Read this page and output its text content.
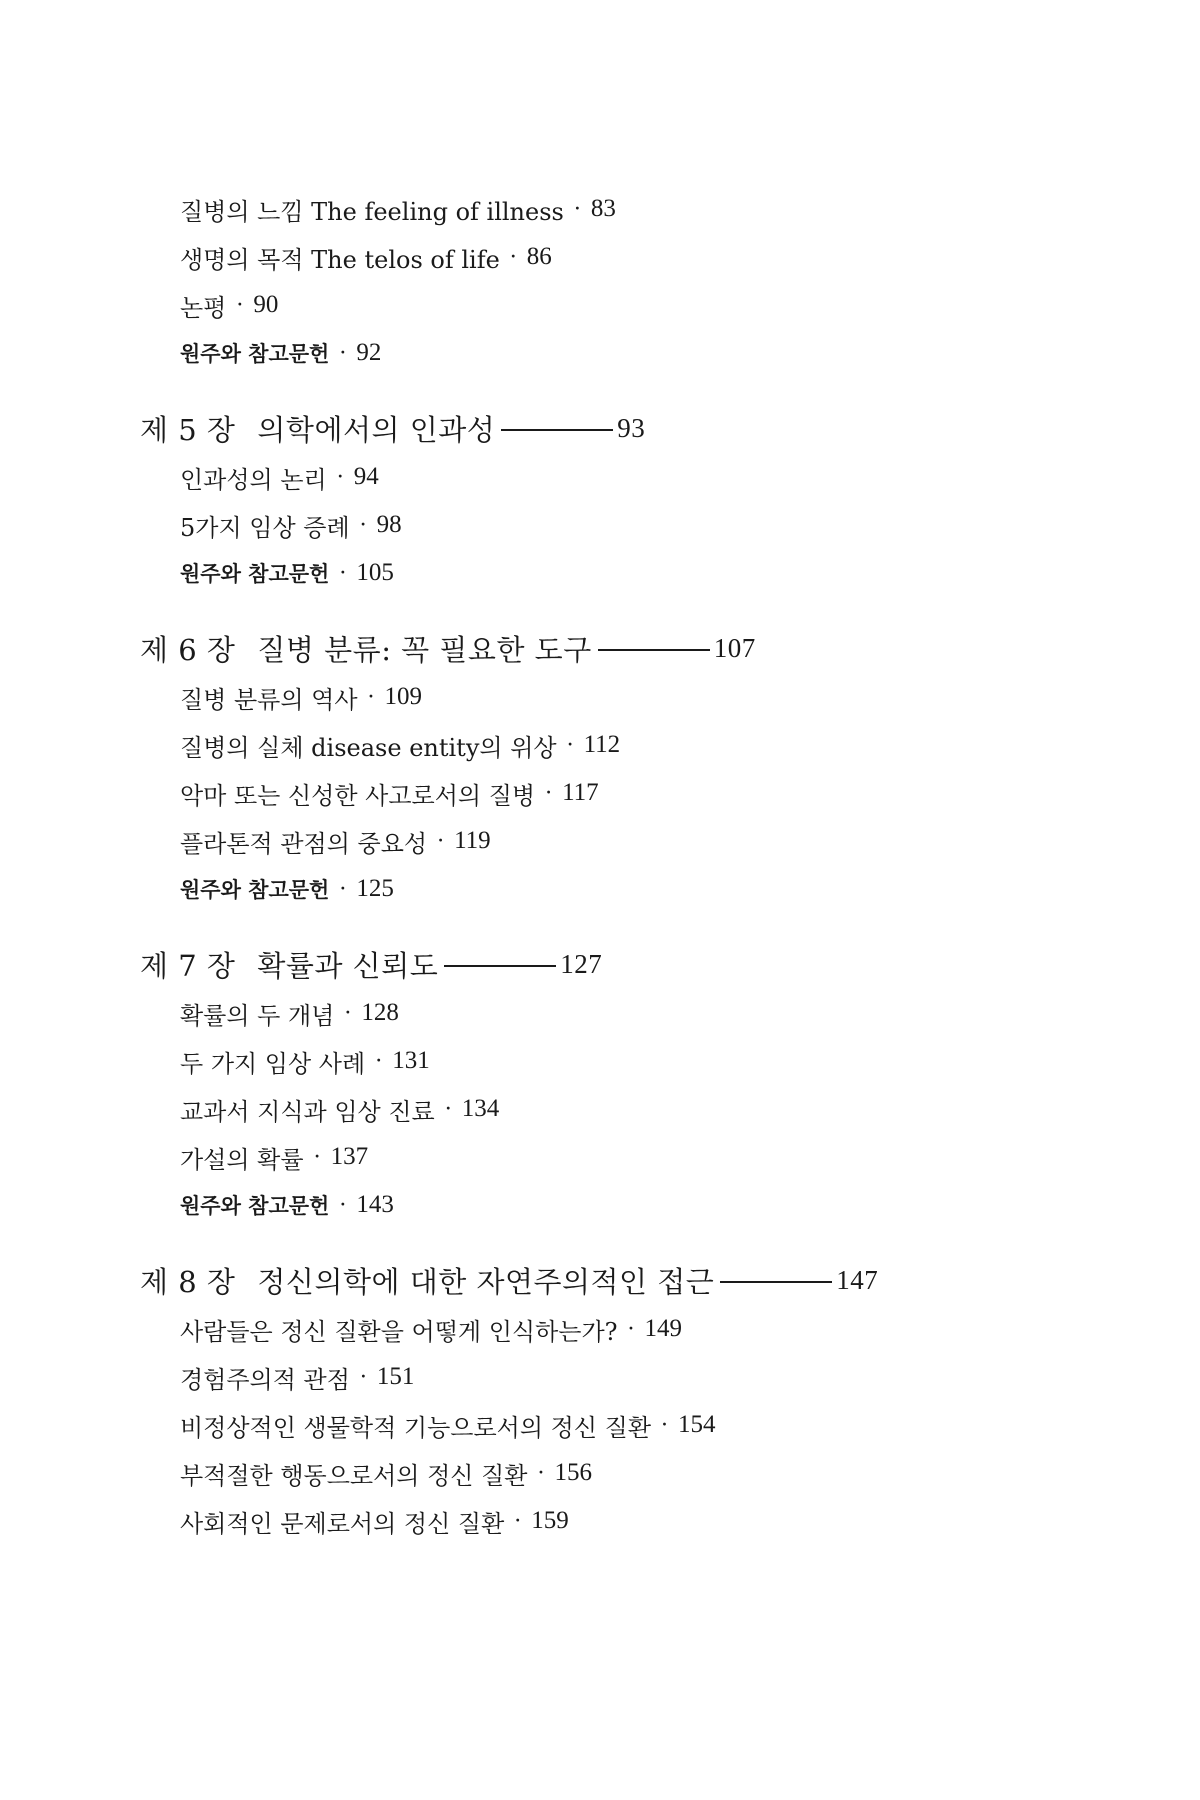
질병의 느낌 The feeling of illness · 83
생명의 목적 The telos of life · 86
논평 · 90
원주와 참고문헌 · 92
제 5 장 의학에서의 인과성	93
인과성의 논리 · 94
5가지 임상 증례 · 98
원주와 참고문헌 · 105
제 6 장 질병 분류: 꼭 필요한 도구	107
질병 분류의 역사 · 109
질병의 실체 disease entity의 위상 · 112
악마 또는 신성한 사고로서의 질병 · 117
플라톤적 관점의 중요성 · 119
원주와 참고문헌 · 125
제 7 장 확률과 신뢰도	127
확률의 두 개념 · 128
두 가지 임상 사례 · 131
교과서 지식과 임상 진료 · 134
가설의 확률 · 137
원주와 참고문헌 · 143
제 8 장 정신의학에 대한 자연주의적인 접근	147
사람들은 정신 질환을 어떻게 인식하는가? · 149
경험주의적 관점 · 151
비정상적인 생물학적 기능으로서의 정신 질환 · 154
부적절한 행동으로서의 정신 질환 · 156
사회적인 문제로서의 정신 질환 · 159
